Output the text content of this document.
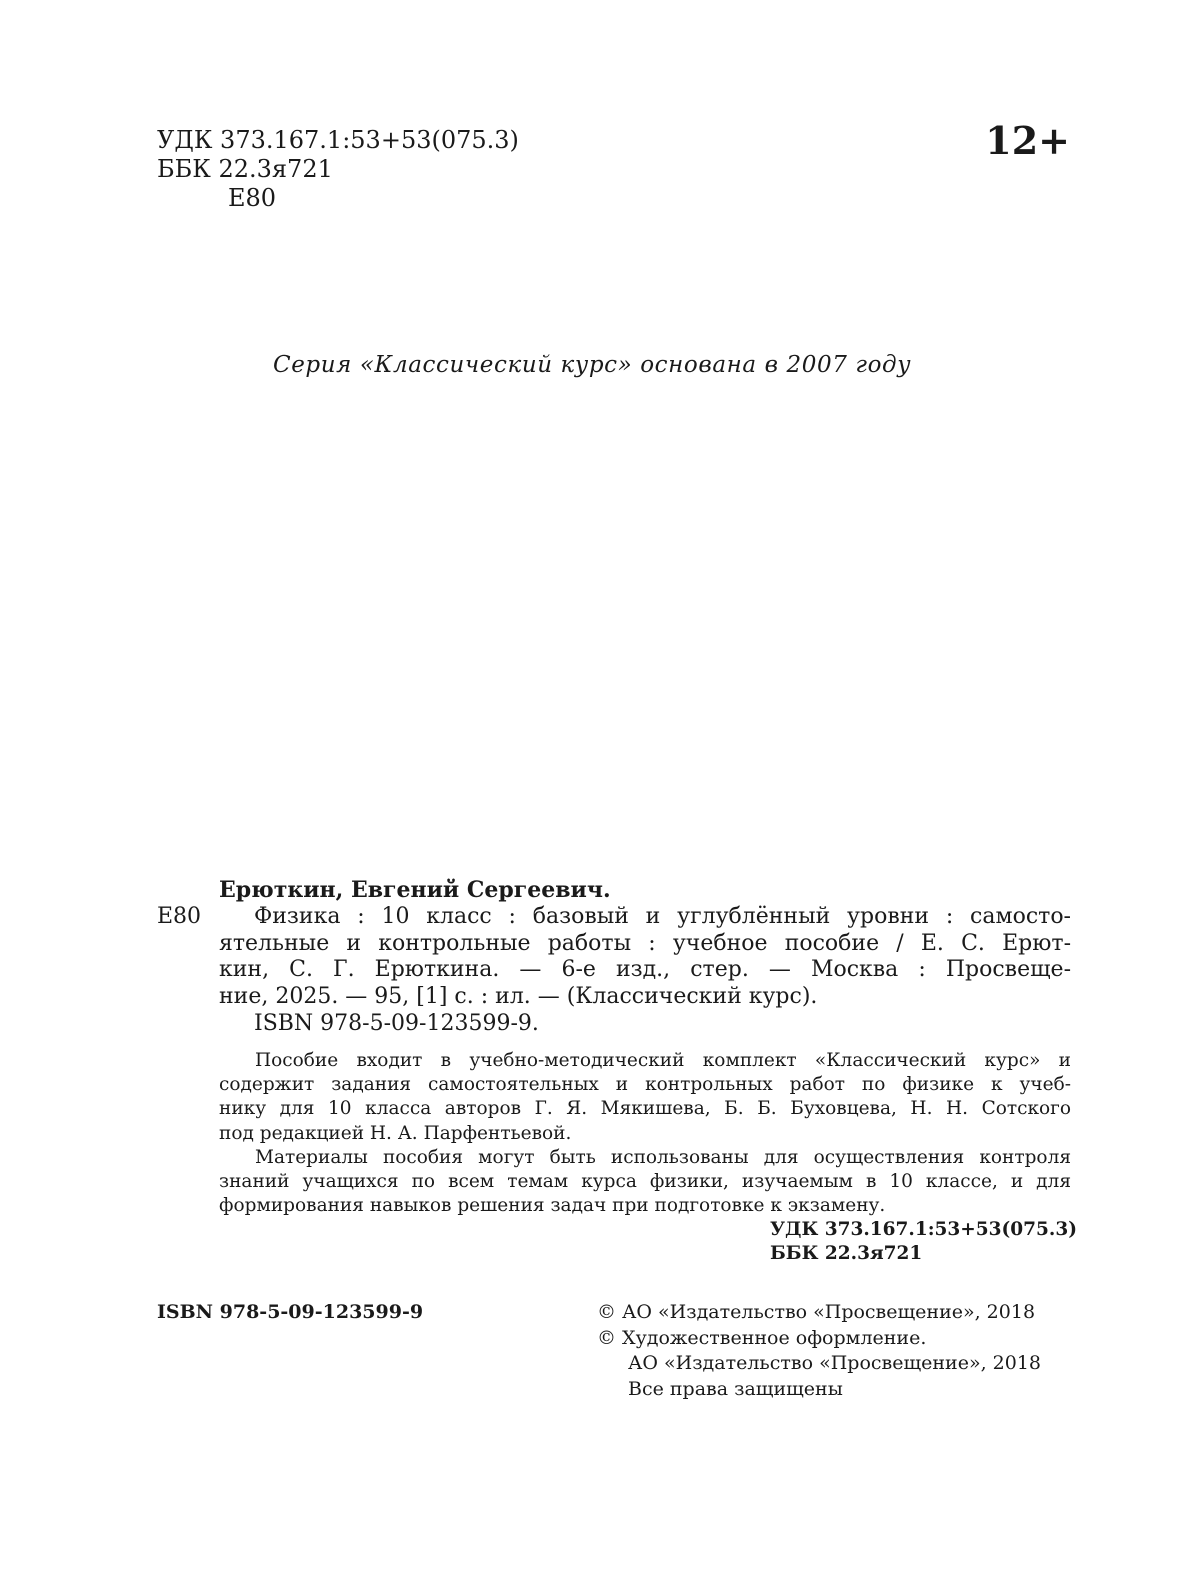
УДК 373.167.1:53+53(075.3)
ББК 22.3я721
Е80
12+
Серия «Классический курс» основана в 2007 году
Ерюткин, Евгений Сергеевич.
Е80	Физика : 10 класс : базовый и углублённый уровни : самосто-
ятельные и контрольные работы : учебное пособие / Е. С. Ерют-
кин, С. Г. Ерюткина. — 6-е изд., стер. — Москва : Просвеще-
ние, 2025. — 95, [1] с. : ил. — (Классический курс).
ISBN 978-5-09-123599-9.
Пособие входит в учебно-методический комплект «Классический курс» и
содержит задания самостоятельных и контрольных работ по физике к учеб-
нику для 10 класса авторов Г. Я. Мякишева, Б. Б. Буховцева, Н. Н. Сотского
под редакцией Н. А. Парфентьевой.
Материалы пособия могут быть использованы для осуществления контроля
знаний учащихся по всем темам курса физики, изучаемым в 10 классе, и для
формирования навыков решения задач при подготовке к экзамену.
УДК 373.167.1:53+53(075.3)
ББК 22.3я721
ISBN 978-5-09-123599-9	© АО «Издательство «Просвещение», 2018
© Художественное оформление.
АО «Издательство «Просвещение», 2018
Все права защищены
